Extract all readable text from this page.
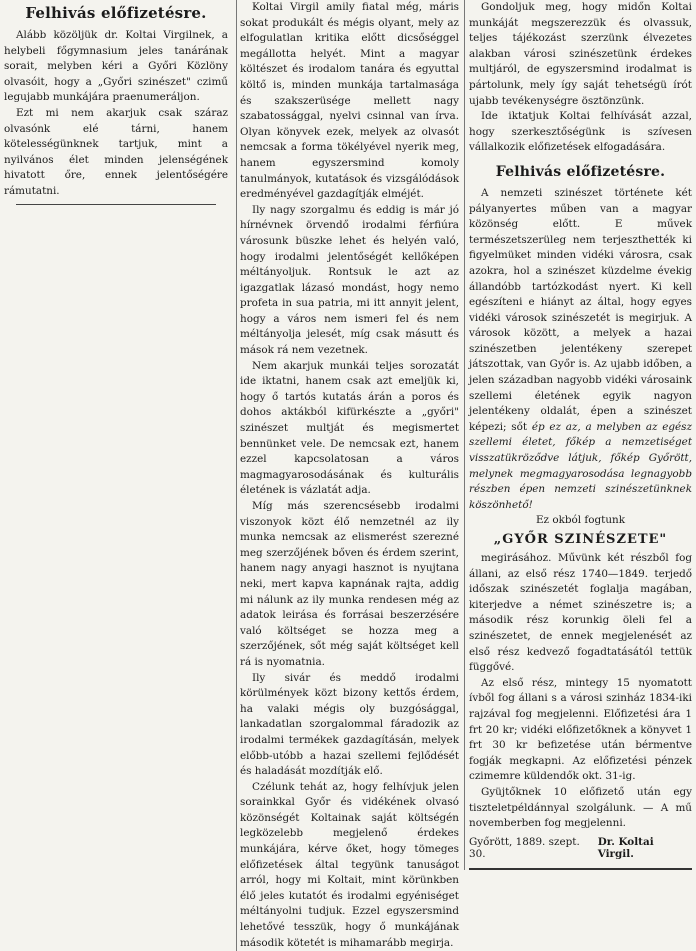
Felhivás előfizetésre.

Alább közöljük dr. Koltai Virgilnek, a helybeli főgymnasium jeles tanárának sorait, melyben kéri a Győri Közlöny olvasóit, hogy a „Győri szinészet" czimű legujabb munkájára praenumeráljon.

Ezt mi nem akarjuk csak száraz olvasónk elé tárni, hanem kötelességünknek tartjuk, mint a nyilvános élet minden jelenségének hivatott őre, ennek jelentőségére rámutatni.

Koltai Virgil amily fiatal még, máris sokat produkált és mégis olyant, mely az elfogulatlan kritika előtt dicsőséggel megállotta helyét. Mint a magyar költészet és irodalom tanára és egyuttal költő is, minden munkája tartalmasága és szakszerüsége mellett nagy szabatossággal, nyelvi csinnal van írva. Olyan könyvek ezek, melyek az olvasót nemcsak a forma tökélyével nyerik meg, hanem egyszersmind komoly tanulmányok, kutatások és vizsgálódások eredményével gazdagítják elméjét.

Ily nagy szorgalmu és eddig is már jó hírnévnek örvendő irodalmi férfiúra városunk büszke lehet és helyén való, hogy irodalmi jelentőségét kellőképen méltányoljuk. Rontsuk le azt az igazgatlak lázasó mondást, hogy nemo profeta in sua patria, mi itt annyit jelent, hogy a város nem ismeri fel és nem méltányolja jelesét, míg csak másutt és mások rá nem vezetnek.

Nem akarjuk munkái teljes sorozatát ide iktatni, hanem csak azt emeljük ki, hogy ő tartós kutatás árán a poros és dohos aktákból kifürkészte a „győri" szinészet multját és megismertet bennünket vele. De nemcsak ezt, hanem ezzel kapcsolatosan a város magmagyarosodásának és kulturális életének is vázlatát adja.

Míg más szerencsésebb irodalmi viszonyok közt élő nemzetnél az ily munka nemcsak az elismerést szerezné meg szerzőjének bőven és érdem szerint, hanem nagy anyagi hasznot is nyujtana neki, mert kapva kapnának rajta, addig mi nálunk az ily munka rendesen még az adatok leirása és forrásai beszerzésére való költséget se hozza meg a szerzőjének, sőt még saját költséget kell rá is nyomatnia.

Ily sivár és meddő irodalmi körülmények közt bizony kettős érdem, ha valaki mégis oly buzgósággal, lankadatlan szorgalommal fáradozik az irodalmi termékek gazdagításán, melyek előbb-utóbb a hazai szellemi fejlődését és haladását mozdítják elő.

Czélunk tehát az, hogy felhívjuk jelen sorainkkal Győr és vidékének olvasó közönségét Koltainak saját költségén legközelebb megjelenő érdekes munkájára, kérve őket, hogy tömeges előfizetések által tegyünk tanuságot arról, hogy mi Koltait, mint körünkben élő jeles kutatót és irodalmi egyéniséget méltányolni tudjuk. Ezzel egyszersmind lehetővé tesszük, hogy ő munkájának második kötetét is mihamarább megirja.

Gondoljuk meg, hogy midőn Koltai munkáját megszerezzük és olvassuk, teljes tájékozást szerzünk élvezetes alakban városi szinészetünk érdekes multjáról, de egyszersmind irodalmat is pártolunk, mely így saját tehetségü írót ujabb tevékenységre ösztönzünk.

Ide iktatjuk Koltai felhívását azzal, hogy szerkesztőségünk is szívesen vállalkozik előfizetések elfogadására.

Felhivás előfizetésre.

A nemzeti szinészet története két pályanyertes műben van a magyar közönség előtt. E művek természetszerüleg nem terjeszthették ki figyelmüket minden vidéki városra, csak azokra, hol a szinészet küzdelme évekig állandóbb tartózkodást nyert. Ki kell egészíteni e hiányt az által, hogy egyes vidéki városok szinészetét is megirjuk. A városok között, a melyek a hazai szinészetben jelentékeny szerepet játszottak, van Győr is. Az ujabb időben, a jelen században nagyobb vidéki városaink szellemi életének egyik nagyon jelentékeny oldalát, épen a szinészet képezi; sőt ép ez az, a melyben az egész szellemi életet, főkép a nemzetiséget visszatükröződve látjuk, főkép Győrött, melynek megmagyarosodása legnagyobb részben épen nemzeti szinészetünknek köszönhető!

Ez okból fogtunk

„GYŐR SZINÉSZETE"

megirásához. Művünk két részből fog állani, az első rész 1740—1849. terjedő időszak szinészetét foglalja magában, kiterjedve a német szinészetre is; a második rész korunkig öleli fel a szinészetet, de ennek megjelenését az első rész kedvező fogadtatásától tettük függővé.

Az első rész, mintegy 15 nyomatott ívből fog állani s a városi szinház 1834-iki rajzával fog megjelenni. Előfizetési ára 1 frt 20 kr; vidéki előfizetőknek a könyvet 1 frt 30 kr befizetése után bérmentve fogják megkapni. Az előfizetési pénzek czimemre küldendők okt. 31-ig.

Gyüjtőknek 10 előfizető után egy tiszteletpéldánnyal szolgálunk. — A mű novemberben fog megjelenni.

Győrött, 1889. szept. 30.
Dr. Koltai Virgil.
